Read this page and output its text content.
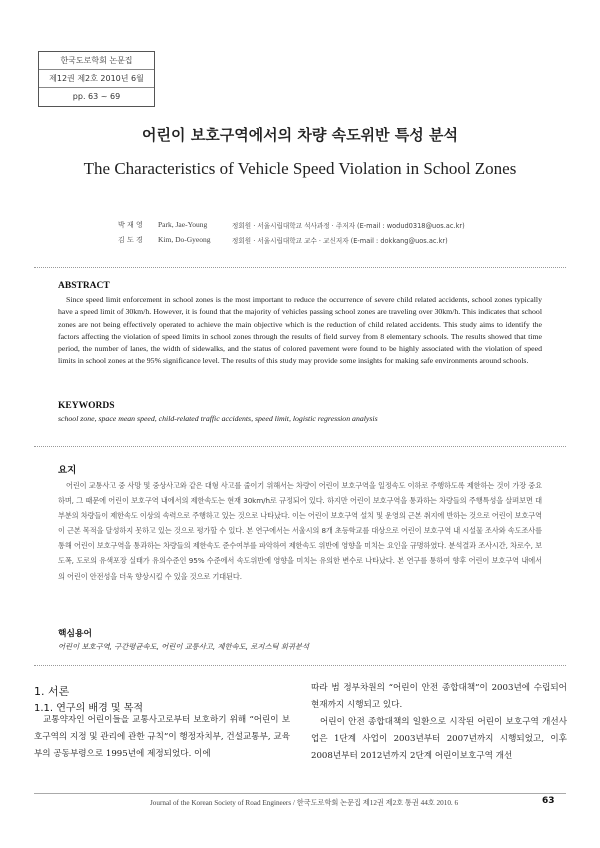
한국도로학회 논문집
제12권 제2호 2010년 6월
pp. 63 ~ 69
어린이 보호구역에서의 차량 속도위반 특성 분석
The Characteristics of Vehicle Speed Violation in School Zones
박 재 영 Park, Jae-Young	정회원 · 서울시립대학교 석사과정 · 주저자 (E-mail : wodud0318@uos.ac.kr)
김 도 경 Kim, Do-Gyeong	정회원 · 서울시립대학교 교수 · 교신저자 (E-mail : dokkang@uos.ac.kr)
ABSTRACT
Since speed limit enforcement in school zones is the most important to reduce the occurrence of severe child related accidents, school zones typically have a speed limit of 30km/h. However, it is found that the majority of vehicles passing school zones are traveling over 30km/h. This indicates that school zones are not being effectively operated to achieve the main objective which is the reduction of child related accidents. This study aims to identify the factors affecting the violation of speed limits in school zones through the results of field survey from 8 elementary schools. The results showed that time period, the number of lanes, the width of sidewalks, and the status of colored pavement were found to be highly associated with the violation of speed limits in school zones at the 95% significance level. The results of this study may provide some insights for making safe environments around schools.
KEYWORDS
school zone, space mean speed, child-related traffic accidents, speed limit, logistic regression analysis
요지
어린이 교통사고 중 사망 및 중상사고와 같은 대형 사고를 줄이기 위해서는 차량이 어린이 보호구역을 일정속도 이하로 주행하도록 제한하는 것이 가장 중요하며, 그 때문에 어린이 보호구역 내에서의 제한속도는 현재 30km/h로 규정되어 있다. 하지만 어린이 보호구역을 통과하는 차량들의 주행특성을 살펴보면 대부분의 차량들이 제한속도 이상의 속력으로 주행하고 있는 것으로 나타났다. 이는 어린이 보호구역 설치 및 운영의 근본 취지에 반하는 것으로 어린이 보호구역이 근본 목적을 달성하지 못하고 있는 것으로 평가할 수 있다. 본 연구에서는 서울시의 8개 초등학교를 대상으로 어린이 보호구역 내 시설물 조사와 속도조사를 통해 어린이 보호구역을 통과하는 차량들의 제한속도 준수여부를 파악하여 제한속도 위반에 영향을 미치는 요인을 규명하였다. 분석결과 조사시간, 차로수, 보도폭, 도로의 유색포장 실태가 유의수준인 95% 수준에서 속도위반에 영향을 미치는 유의한 변수로 나타났다. 본 연구를 통하여 향후 어린이 보호구역 내에서의 어린이 안전성을 더욱 향상시킬 수 있을 것으로 기대된다.
핵심용어
어린이 보호구역, 구간평균속도, 어린이 교통사고, 제한속도, 로지스틱 회귀분석
1. 서론
1.1. 연구의 배경 및 목적

교통약자인 어린이들을 교통사고로부터 보호하기 위해 “어린이 보호구역의 지정 및 관리에 관한 규칙”이 행정자치부, 건설교통부, 교육부의 공동부령으로 1995년에 제정되었다. 이에

따라 범 정부차원의 “어린이 안전 종합대책”이 2003년에 수립되어 현재까지 시행되고 있다.

어린이 안전 종합대책의 일환으로 시작된 어린이 보호구역 개선사업은 1단계 사업이 2003년부터 2007년까지 시행되었고, 이후 2008년부터 2012년까지 2단계 어린이보호구역 개선

Journal of the Korean Society of Road Engineers / 한국도로학회 논문집 제12권 제2호 통권 44호 2010. 6	63
